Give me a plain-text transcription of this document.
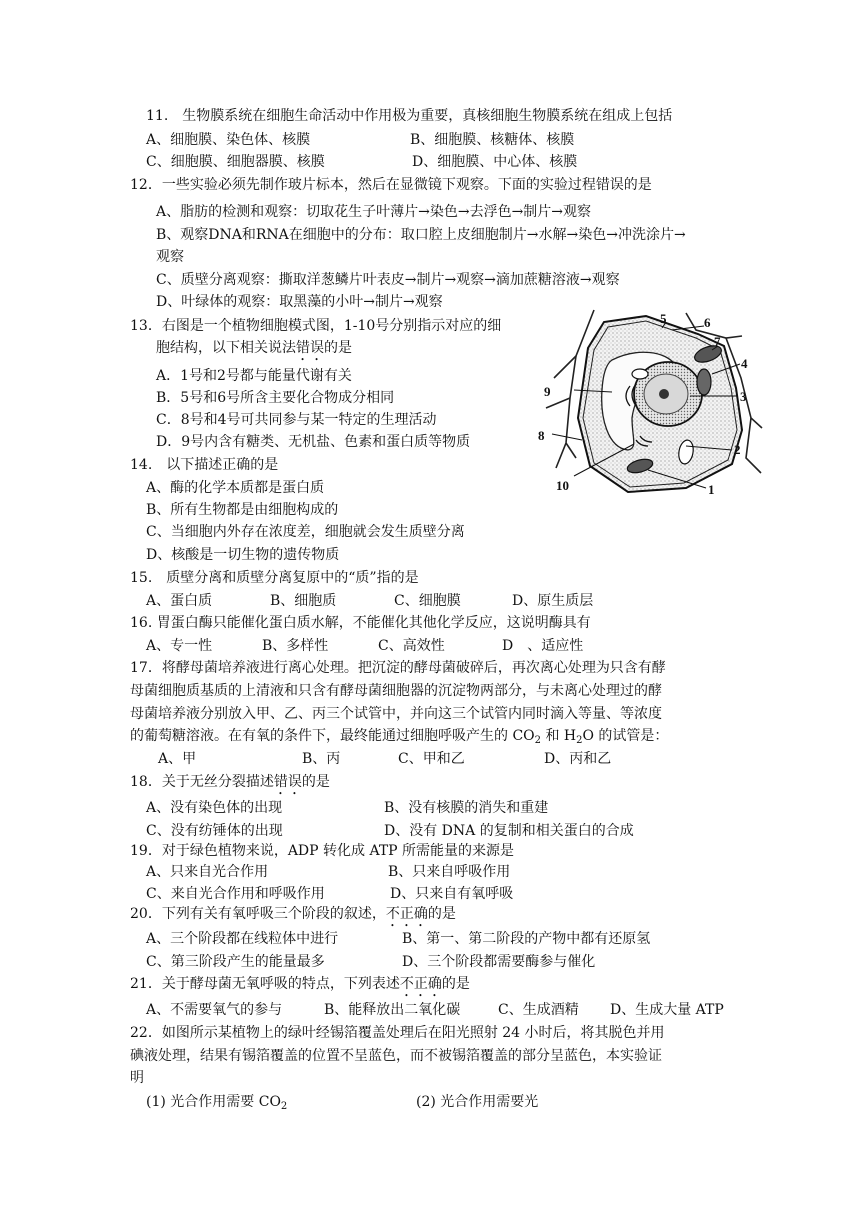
11.　生物膜系统在细胞生命活动中作用极为重要，真核细胞生物膜系统在组成上包括
A、细胞膜、染色体、核膜	B、细胞膜、核糖体、核膜
C、细胞膜、细胞器膜、核膜	D、细胞膜、中心体、核膜
12．一些实验必须先制作玻片标本，然后在显微镜下观察。下面的实验过程错误的是
A、脂肪的检测和观察：切取花生子叶薄片→染色→去浮色→制片→观察
B、观察DNA和RNA在细胞中的分布：取口腔上皮细胞制片→水解→染色→冲洗涂片→
观察
C、质壁分离观察：撕取洋葱鳞片叶表皮→制片→观察→滴加蔗糖溶液→观察
D、叶绿体的观察：取黑藻的小叶→制片→观察
13．右图是一个植物细胞模式图，1-10号分别指示对应的细
胞结构，以下相关说法错误的是
A．1号和2号都与能量代谢有关
B．5号和6号所含主要化合物成分相同
C．8号和4号可共同参与某一特定的生理活动
D．9号内含有糖类、无机盐、色素和蛋白质等物质
5	6
7
4
9	3
8
2
10	1
14.　以下描述正确的是
A、酶的化学本质都是蛋白质
B、所有生物都是由细胞构成的
C、当细胞内外存在浓度差，细胞就会发生质壁分离
D、核酸是一切生物的遗传物质
15.　质壁分离和质壁分离复原中的“质”指的是
A、蛋白质	B、细胞质	C、细胞膜	D、原生质层
16. 胃蛋白酶只能催化蛋白质水解，不能催化其他化学反应，这说明酶具有
A、专一性	B、多样性	C、高效性	D　、适应性
17．将酵母菌培养液进行离心处理。把沉淀的酵母菌破碎后，再次离心处理为只含有酵
母菌细胞质基质的上清液和只含有酵母菌细胞器的沉淀物两部分，与未离心处理过的酵
母菌培养液分别放入甲、乙、丙三个试管中，并向这三个试管内同时滴入等量、等浓度
的葡萄糖溶液。在有氧的条件下，最终能通过细胞呼吸产生的 $CO_2$ 和 $H_2O$ 的试管是：
A、甲	B、丙	C、甲和乙	D、丙和乙
18．关于无丝分裂描述错误的是
A、没有染色体的出现	B、没有核膜的消失和重建
C、没有纺锤体的出现	D、没有 DNA 的复制和相关蛋白的合成
19．对于绿色植物来说，ADP 转化成 ATP 所需能量的来源是
A、只来自光合作用	B、只来自呼吸作用
C、来自光合作用和呼吸作用	D、只来自有氧呼吸
20．下列有关有氧呼吸三个阶段的叙述，不正确的是
A、三个阶段都在线粒体中进行	B、第一、第二阶段的产物中都有还原氢
C、第三阶段产生的能量最多	D、三个阶段都需要酶参与催化
21．关于酵母菌无氧呼吸的特点，下列表述不正确的是
A、不需要氧气的参与	B、能释放出二氧化碳	C、生成酒精 D、生成大量 ATP
22．如图所示某植物上的绿叶经锡箔覆盖处理后在阳光照射 24 小时后，将其脱色并用
碘液处理，结果有锡箔覆盖的位置不呈蓝色，而不被锡箔覆盖的部分呈蓝色，本实验证
明
(1) 光合作用需要 $CO_2$	(2) 光合作用需要光
